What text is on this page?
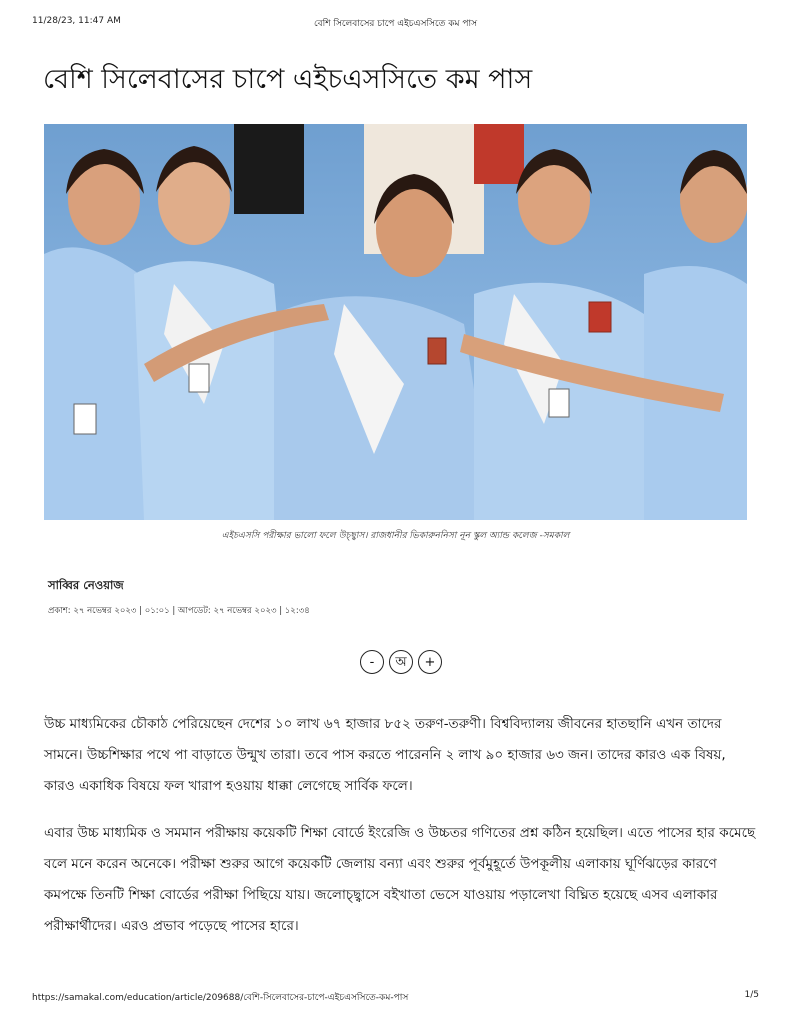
11/28/23, 11:47 AM	বেশি সিলেবাসের চাপে এইচএসসিতে কম পাস
বেশি সিলেবাসের চাপে এইচএসসিতে কম পাস
এইচএসসি পরীক্ষার ভালো ফলে উচ্ছ্বাস। রাজধানীর ভিকারুননিসা নূন স্কুল অ্যান্ড কলেজ -সমকাল
সাব্বির নেওয়াজ
প্রকাশ: ২৭ নভেম্বর ২০২৩ | ০১:০১ | আপডেট: ২৭ নভেম্বর ২০২৩ | ১২:৩৪
-	অ	+

উচ্চ মাধ্যমিকের চৌকাঠ পেরিয়েছেন দেশের ১০ লাখ ৬৭ হাজার ৮৫২ তরুণ-তরুণী। বিশ্ববিদ্যালয় জীবনের হাতছানি এখন তাদের সামনে। উচ্চশিক্ষার পথে পা বাড়াতে উন্মুখ তারা। তবে পাস করতে পারেননি ২ লাখ ৯০ হাজার ৬৩ জন। তাদের কারও এক বিষয়, কারও একাধিক বিষয়ে ফল খারাপ হওয়ায় ধাক্কা লেগেছে সার্বিক ফলে।

এবার উচ্চ মাধ্যমিক ও সমমান পরীক্ষায় কয়েকটি শিক্ষা বোর্ডে ইংরেজি ও উচ্চতর গণিতের প্রশ্ন কঠিন হয়েছিল। এতে পাসের হার কমেছে বলে মনে করেন অনেকে। পরীক্ষা শুরুর আগে কয়েকটি জেলায় বন্যা এবং শুরুর পূর্বমুহূর্তে উপকূলীয় এলাকায় ঘূর্ণিঝড়ের কারণে কমপক্ষে তিনটি শিক্ষা বোর্ডের পরীক্ষা পিছিয়ে যায়। জলোচ্ছ্বাসে বইখাতা ভেসে যাওয়ায় পড়ালেখা বিঘ্নিত হয়েছে এসব এলাকার পরীক্ষার্থীদের। এরও প্রভাব পড়েছে পাসের হারে।

https://samakal.com/education/article/209688/বেশি-সিলেবাসের-চাপে-এইচএসসিতে-কম-পাস	1/5
